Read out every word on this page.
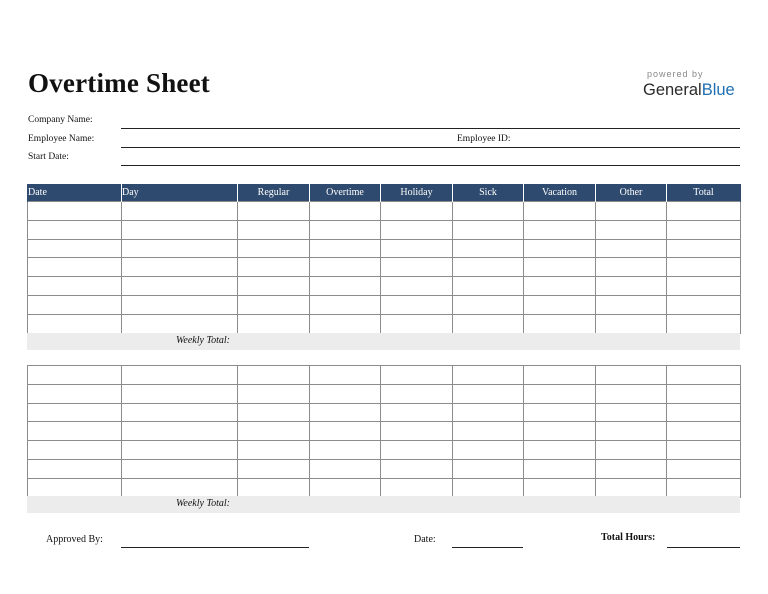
Overtime Sheet	powered by
GeneralBlue
Company Name:
Employee Name:	Employee ID:
Start Date:
Date	Day	Regular	Overtime	Holiday	Sick	Vacation	Other	Total

Weekly Total:

Weekly Total:
Approved By:	Date:	Total Hours:
